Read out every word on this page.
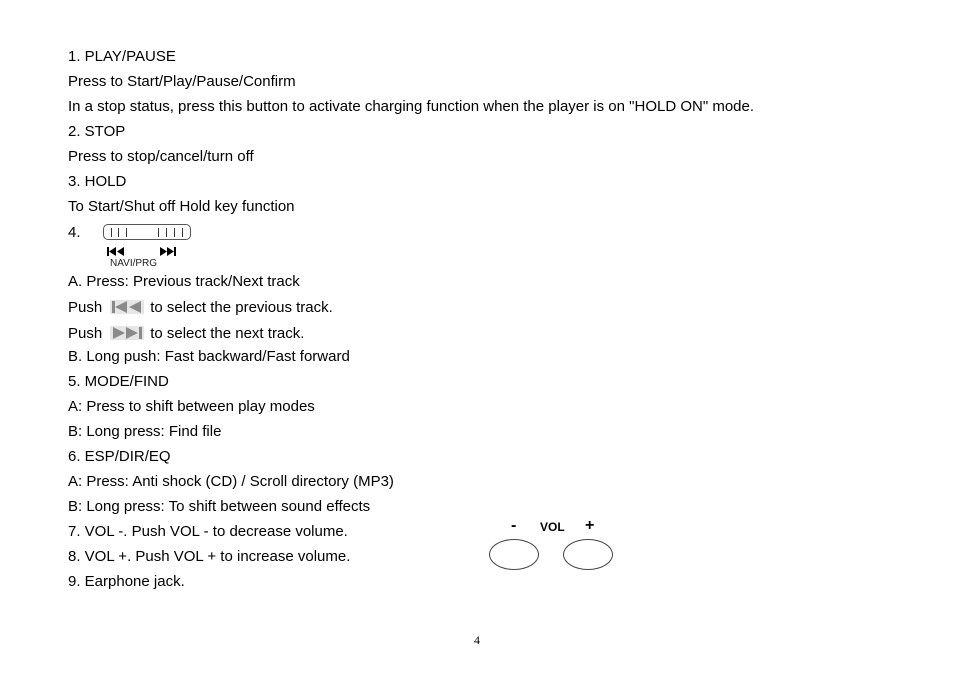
1. PLAY/PAUSE
Press to Start/Play/Pause/Confirm
In a stop status, press this button to activate charging function when the player is on "HOLD ON" mode.
2. STOP
Press to stop/cancel/turn off
3. HOLD
To Start/Shut off Hold key function
4.
NAVI/PRG
A. Press: Previous track/Next track
Push	to select the previous track.
Push	to select the next track.
B. Long push: Fast backward/Fast forward
5. MODE/FIND
A: Press to shift between play modes
B: Long press: Find file
6. ESP/DIR/EQ
A: Press: Anti shock (CD) / Scroll directory (MP3)
B: Long press: To shift between sound effects
7. VOL -. Push VOL - to decrease volume.
8. VOL +. Push VOL + to increase volume.
9. Earphone jack.
- VOL +
4
